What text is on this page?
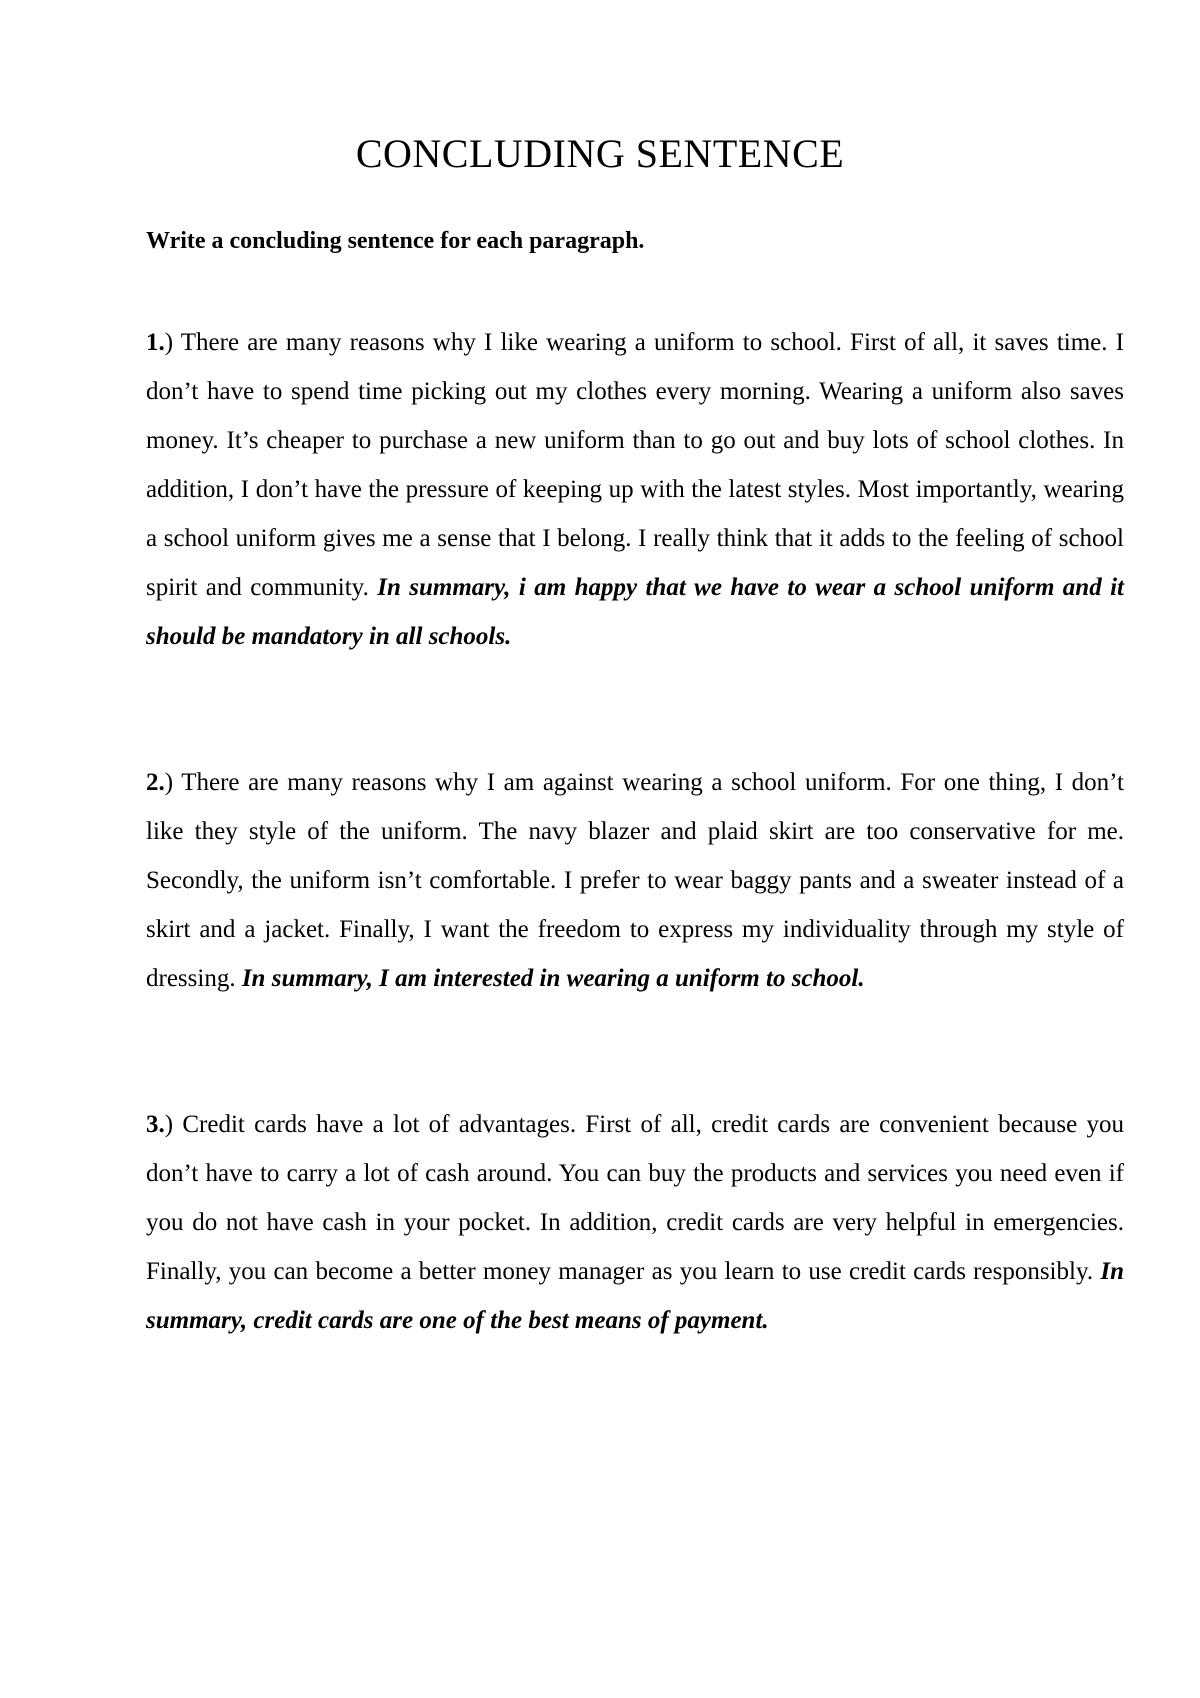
CONCLUDING SENTENCE

Write a concluding sentence for each paragraph.

1.) There are many reasons why I like wearing a uniform to school. First of all, it saves time. I don’t have to spend time picking out my clothes every morning. Wearing a uniform also saves money. It’s cheaper to purchase a new uniform than to go out and buy lots of school clothes. In addition, I don’t have the pressure of keeping up with the latest styles. Most importantly, wearing a school uniform gives me a sense that I belong. I really think that it adds to the feeling of school spirit and community. In summary, i am happy that we have to wear a school uniform and it should be mandatory in all schools.

2.) There are many reasons why I am against wearing a school uniform. For one thing, I don’t like they style of the uniform. The navy blazer and plaid skirt are too conservative for me. Secondly, the uniform isn’t comfortable. I prefer to wear baggy pants and a sweater instead of a skirt and a jacket. Finally, I want the freedom to express my individuality through my style of dressing. In summary, I am interested in wearing a uniform to school.

3.) Credit cards have a lot of advantages. First of all, credit cards are convenient because you don’t have to carry a lot of cash around. You can buy the products and services you need even if you do not have cash in your pocket. In addition, credit cards are very helpful in emergencies. Finally, you can become a better money manager as you learn to use credit cards responsibly. In summary, credit cards are one of the best means of payment.
